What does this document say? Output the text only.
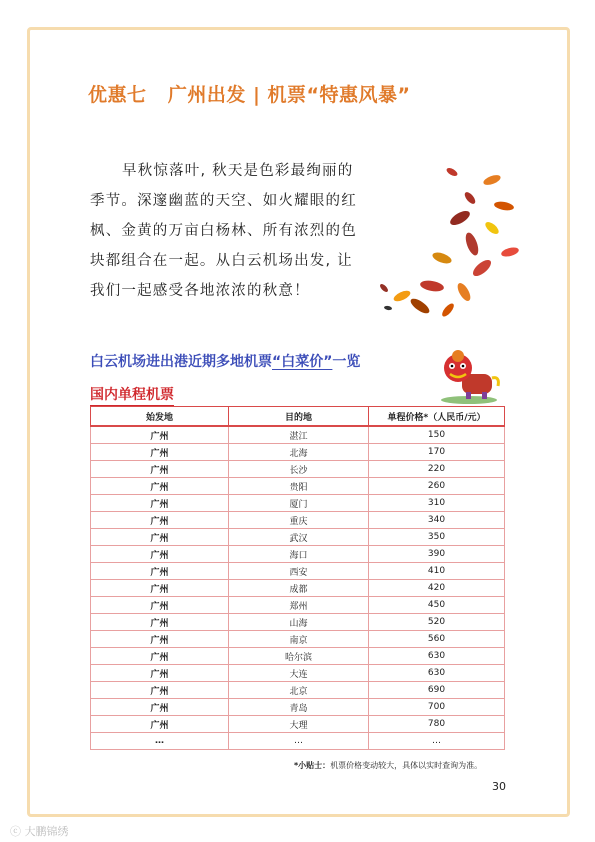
优惠七 广州出发 | 机票“特惠风暴”
早秋惊落叶, 秋天是色彩最绚丽的季节。深邃幽蓝的天空、如火耀眼的红枫、金黄的万亩白杨林、所有浓烈的色块都组合在一起。从白云机场出发, 让我们一起感受各地浓浓的秋意！
白云机场进出港近期多地机票“白菜价”一览
国内单程机票
始发地	目的地	单程价格*（人民币/元）
广州	湛江	150
广州	北海	170
广州	长沙	220
广州	贵阳	260
广州	厦门	310
广州	重庆	340
广州	武汉	350
广州	海口	390
广州	西安	410
广州	成都	420
广州	郑州	450
广州	山海	520
广州	南京	560
广州	哈尔滨	630
广州	大连	630
广州	北京	690
广州	青岛	700
广州	大理	780
…	…	…
*小贴士：机票价格变动较大，具体以实时查询为准。
30
ⓒ 大鹏锦绣
